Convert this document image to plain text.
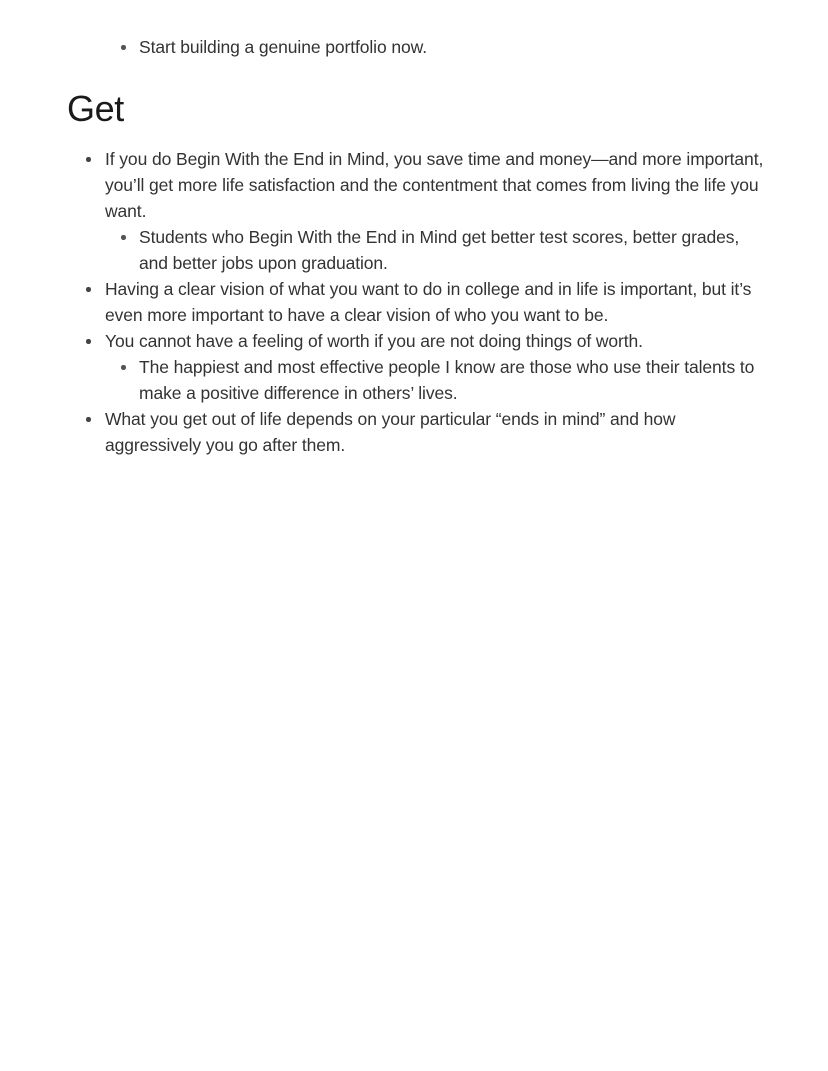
Start building a genuine portfolio now.
Get
If you do Begin With the End in Mind, you save time and money—and more important, you’ll get more life satisfaction and the contentment that comes from living the life you want.
Students who Begin With the End in Mind get better test scores, better grades, and better jobs upon graduation.
Having a clear vision of what you want to do in college and in life is important, but it’s even more important to have a clear vision of who you want to be.
You cannot have a feeling of worth if you are not doing things of worth.
The happiest and most effective people I know are those who use their talents to make a positive difference in others’ lives.
What you get out of life depends on your particular “ends in mind” and how aggressively you go after them.
